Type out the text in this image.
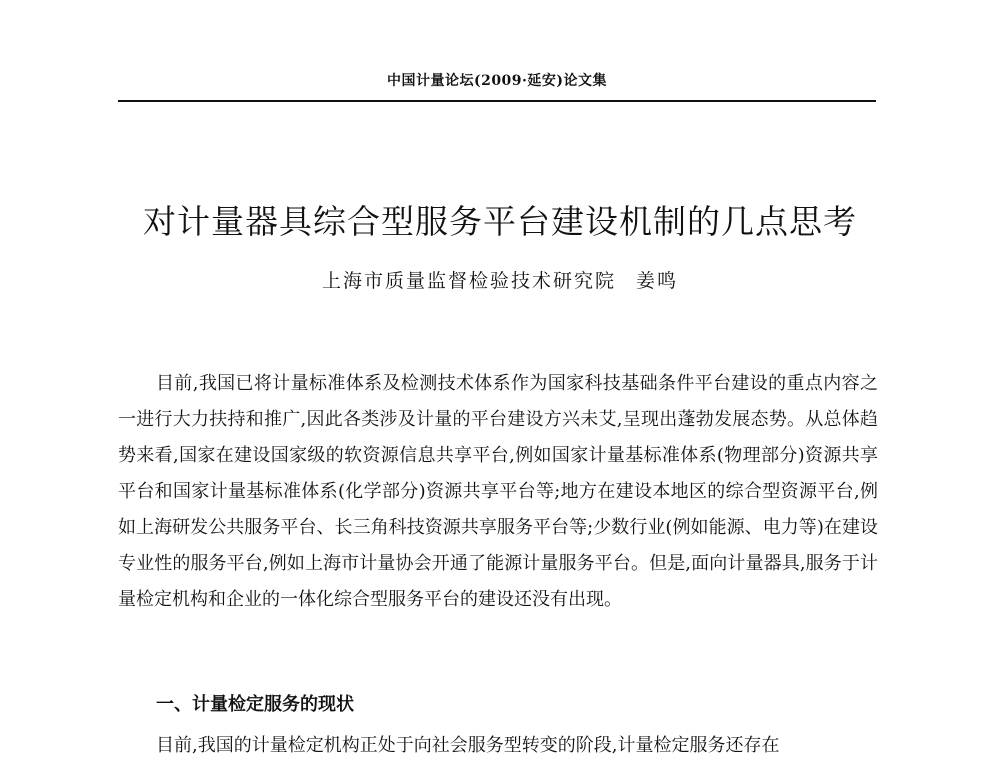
中国计量论坛(2009·延安)论文集
对计量器具综合型服务平台建设机制的几点思考
上海市质量监督检验技术研究院 姜鸣

目前,我国已将计量标准体系及检测技术体系作为国家科技基础条件平台建设的重点内容之一进行大力扶持和推广,因此各类涉及计量的平台建设方兴未艾,呈现出蓬勃发展态势。从总体趋势来看,国家在建设国家级的软资源信息共享平台,例如国家计量基标准体系(物理部分)资源共享平台和国家计量基标准体系(化学部分)资源共享平台等;地方在建设本地区的综合型资源平台,例如上海研发公共服务平台、长三角科技资源共享服务平台等;少数行业(例如能源、电力等)在建设专业性的服务平台,例如上海市计量协会开通了能源计量服务平台。但是,面向计量器具,服务于计量检定机构和企业的一体化综合型服务平台的建设还没有出现。

一、计量检定服务的现状

目前,我国的计量检定机构正处于向社会服务型转变的阶段,计量检定服务还存在
